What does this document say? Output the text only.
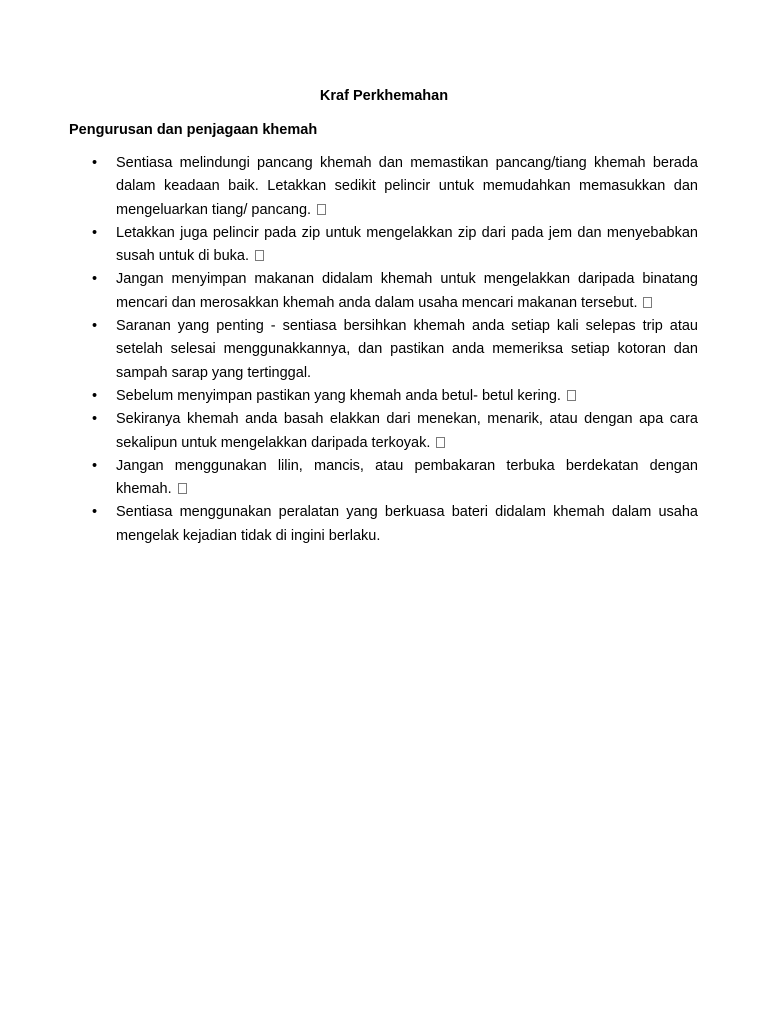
Kraf Perkhemahan
Pengurusan dan penjagaan khemah
• Sentiasa melindungi pancang khemah dan memastikan pancang/tiang khemah berada dalam keadaan baik. Letakkan sedikit pelincir untuk memudahkan memasukkan dan mengeluarkan tiang/ pancang.
• Letakkan juga pelincir pada zip untuk mengelakkan zip dari pada jem dan menyebabkan susah untuk di buka.
• Jangan menyimpan makanan didalam khemah untuk mengelakkan daripada binatang mencari dan merosakkan khemah anda dalam usaha mencari makanan tersebut.
• Saranan yang penting - sentiasa bersihkan khemah anda setiap kali selepas trip atau setelah selesai menggunakkannya, dan pastikan anda memeriksa setiap kotoran dan sampah sarap yang tertinggal.
• Sebelum menyimpan pastikan yang khemah anda betul- betul kering.
• Sekiranya khemah anda basah elakkan dari menekan, menarik, atau dengan apa cara sekalipun untuk mengelakkan daripada terkoyak.
• Jangan menggunakan lilin, mancis, atau pembakaran terbuka berdekatan dengan khemah.
• Sentiasa menggunakan peralatan yang berkuasa bateri didalam khemah dalam usaha mengelak kejadian tidak di ingini berlaku.
